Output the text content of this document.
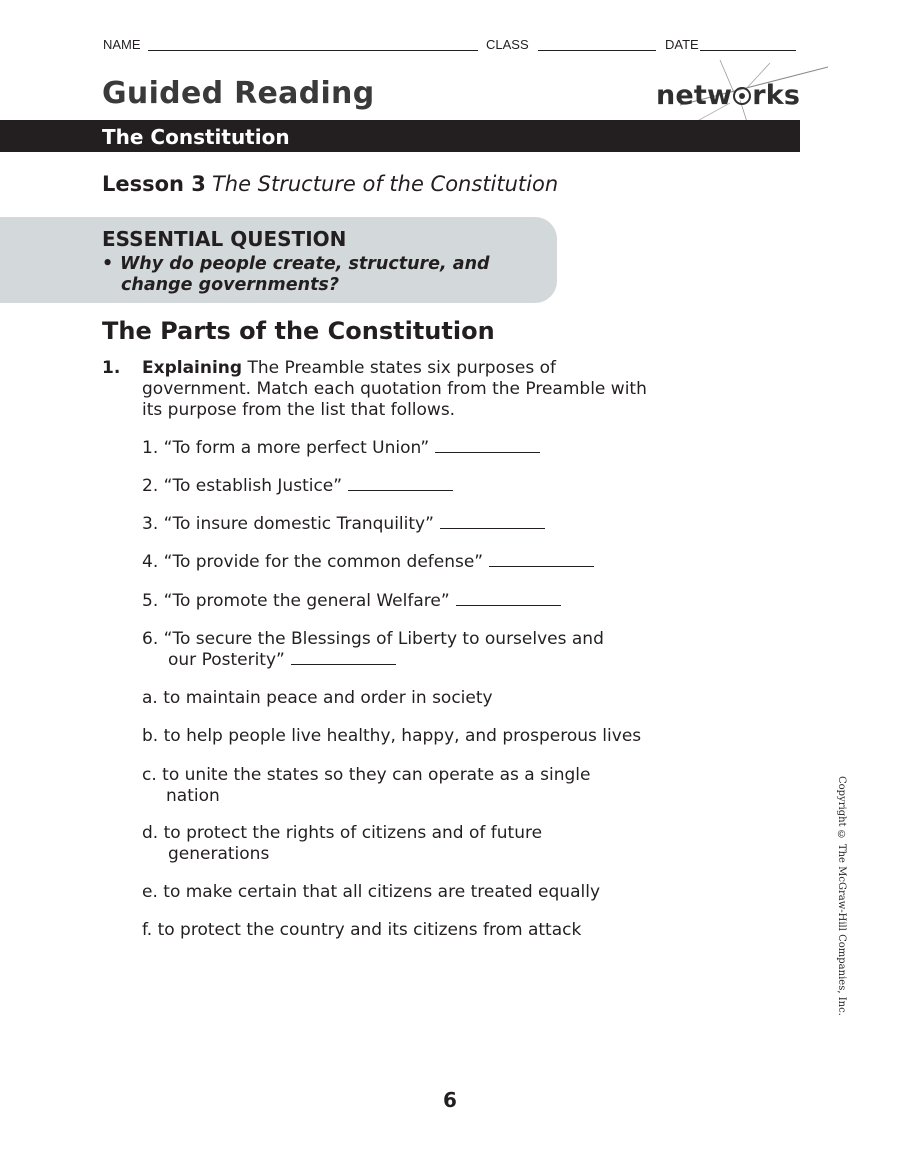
NAME	CLASS	DATE
Guided Reading	netw rks
The Constitution
Lesson 3 The Structure of the Constitution
ESSENTIAL QUESTION
• Why do people create, structure, and
change governments?
The Parts of the Constitution
1. Explaining The Preamble states six purposes of government. Match each quotation from the Preamble with its purpose from the list that follows.
1. “To form a more perfect Union”
2. “To establish Justice”
3. “To insure domestic Tranquility”
4. “To provide for the common defense”
5. “To promote the general Welfare”
6. “To secure the Blessings of Liberty to ourselves and
our Posterity”
a. to maintain peace and order in society
b. to help people live healthy, happy, and prosperous lives
c. to unite the states so they can operate as a single
nation
d. to protect the rights of citizens and of future
generations
e. to make certain that all citizens are treated equally
f. to protect the country and its citizens from attack	Copyright © The McGraw-Hill Companies, Inc.
6
